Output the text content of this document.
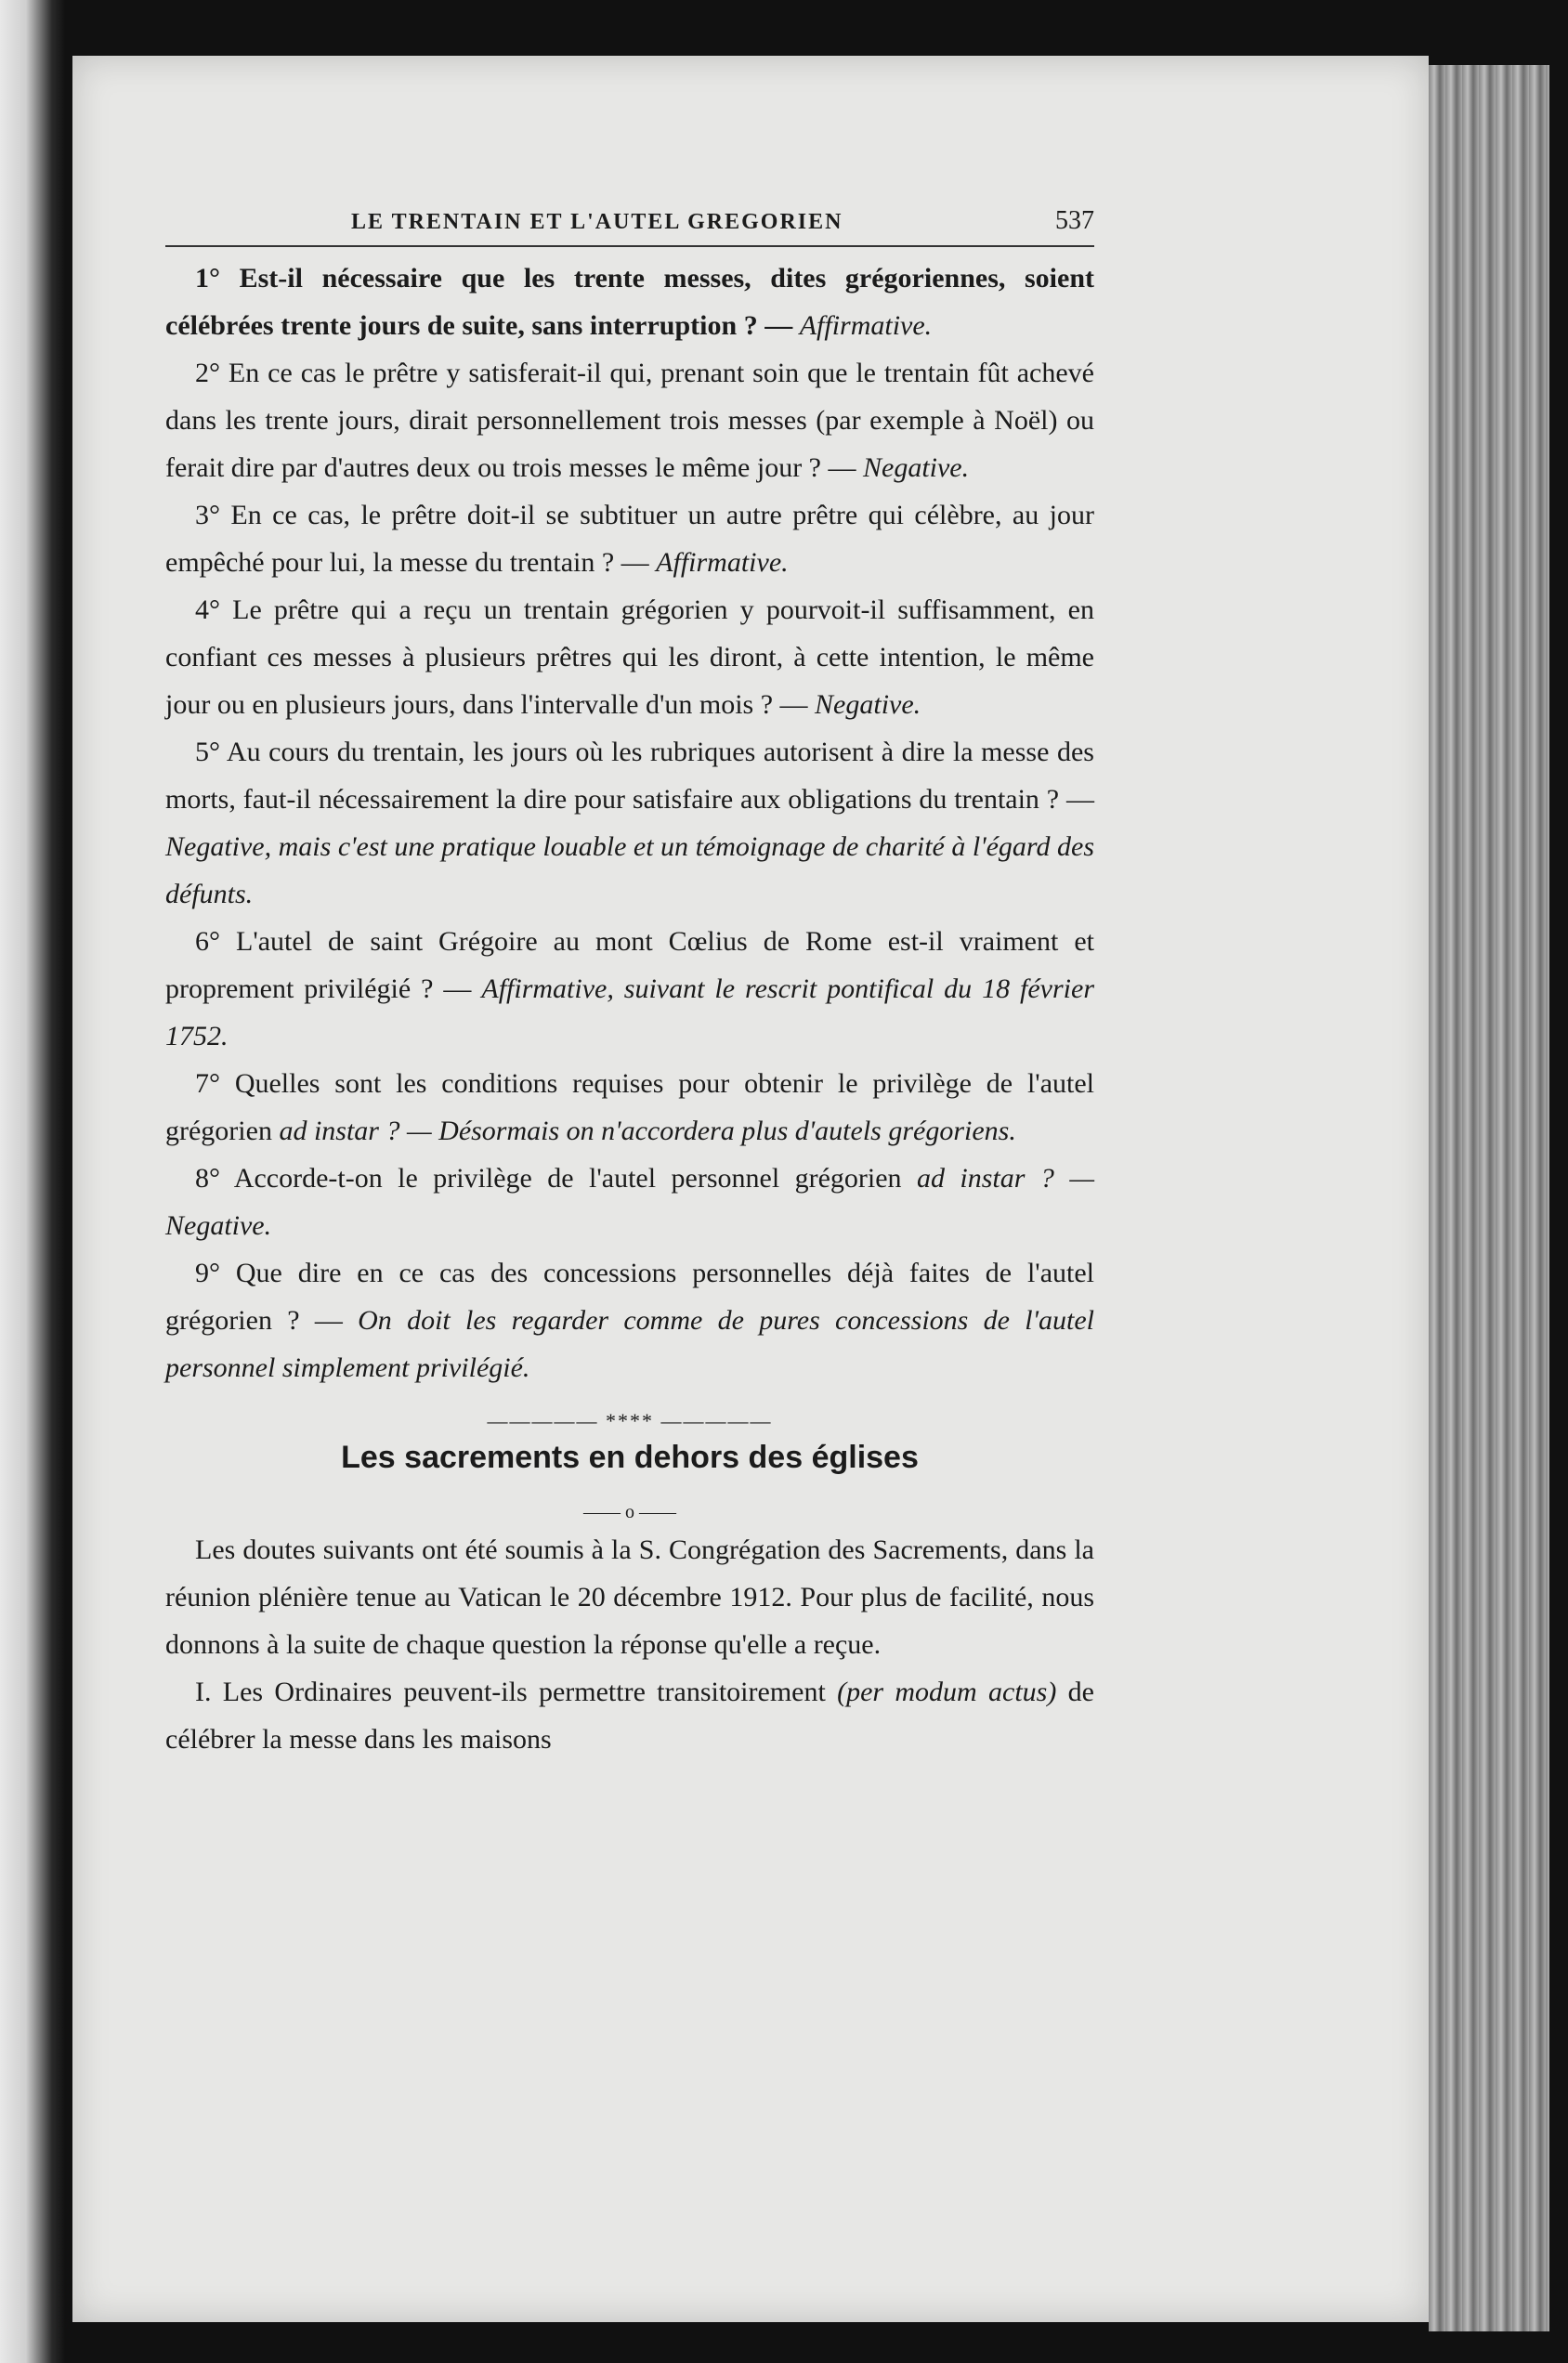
LE TRENTAIN ET L'AUTEL GREGORIEN	537

1° Est-il nécessaire que les trente messes, dites grégoriennes, soient célébrées trente jours de suite, sans interruption ? — Affirmative.

2° En ce cas le prêtre y satisferait-il qui, prenant soin que le trentain fût achevé dans les trente jours, dirait personnellement trois messes (par exemple à Noël) ou ferait dire par d'autres deux ou trois messes le même jour ? — Negative.

3° En ce cas, le prêtre doit-il se subtituer un autre prêtre qui célèbre, au jour empêché pour lui, la messe du trentain ? — Affirmative.

4° Le prêtre qui a reçu un trentain grégorien y pourvoit-il suffisamment, en confiant ces messes à plusieurs prêtres qui les diront, à cette intention, le même jour ou en plusieurs jours, dans l'intervalle d'un mois ? — Negative.

5° Au cours du trentain, les jours où les rubriques autorisent à dire la messe des morts, faut-il nécessairement la dire pour satisfaire aux obligations du trentain ? — Negative, mais c'est une pratique louable et un témoignage de charité à l'égard des défunts.

6° L'autel de saint Grégoire au mont Cœlius de Rome est-il vraiment et proprement privilégié ? — Affirmative, suivant le rescrit pontifical du 18 février 1752.

7° Quelles sont les conditions requises pour obtenir le privilège de l'autel grégorien ad instar ? — Désormais on n'accordera plus d'autels grégoriens.

8° Accorde-t-on le privilège de l'autel personnel grégorien ad instar ? — Negative.

9° Que dire en ce cas des concessions personnelles déjà faites de l'autel grégorien ? — On doit les regarder comme de pures concessions de l'autel personnel simplement privilégié.

————— **** —————
Les sacrements en dehors des églises
—— o ——

Les doutes suivants ont été soumis à la S. Congrégation des Sacrements, dans la réunion plénière tenue au Vatican le 20 décembre 1912. Pour plus de facilité, nous donnons à la suite de chaque question la réponse qu'elle a reçue.

I. Les Ordinaires peuvent-ils permettre transitoirement (per modum actus) de célébrer la messe dans les maisons
